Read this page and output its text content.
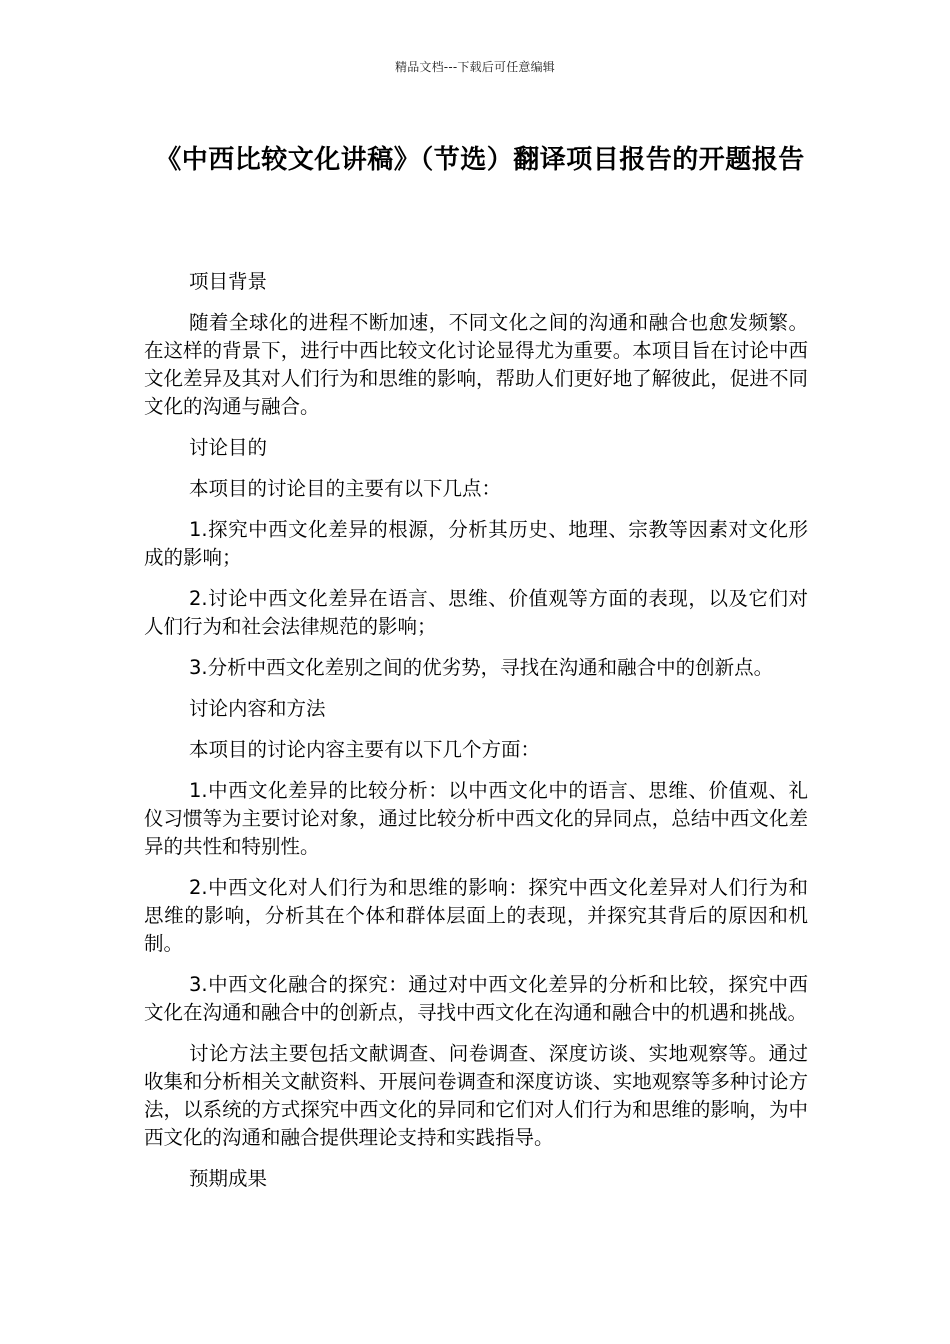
精品文档---下载后可任意编辑
《中西比较文化讲稿》（节选）翻译项目报告的开题报告

项目背景

随着全球化的进程不断加速，不同文化之间的沟通和融合也愈发频繁。在这样的背景下，进行中西比较文化讨论显得尤为重要。本项目旨在讨论中西文化差异及其对人们行为和思维的影响，帮助人们更好地了解彼此，促进不同文化的沟通与融合。

讨论目的

本项目的讨论目的主要有以下几点：

1.探究中西文化差异的根源，分析其历史、地理、宗教等因素对文化形成的影响；

2.讨论中西文化差异在语言、思维、价值观等方面的表现，以及它们对人们行为和社会法律规范的影响；

3.分析中西文化差别之间的优劣势，寻找在沟通和融合中的创新点。

讨论内容和方法

本项目的讨论内容主要有以下几个方面：

1.中西文化差异的比较分析：以中西文化中的语言、思维、价值观、礼仪习惯等为主要讨论对象，通过比较分析中西文化的异同点，总结中西文化差异的共性和特别性。

2.中西文化对人们行为和思维的影响：探究中西文化差异对人们行为和思维的影响，分析其在个体和群体层面上的表现，并探究其背后的原因和机制。

3.中西文化融合的探究：通过对中西文化差异的分析和比较，探究中西文化在沟通和融合中的创新点，寻找中西文化在沟通和融合中的机遇和挑战。

讨论方法主要包括文献调查、问卷调查、深度访谈、实地观察等。通过收集和分析相关文献资料、开展问卷调查和深度访谈、实地观察等多种讨论方法，以系统的方式探究中西文化的异同和它们对人们行为和思维的影响，为中西文化的沟通和融合提供理论支持和实践指导。

预期成果
